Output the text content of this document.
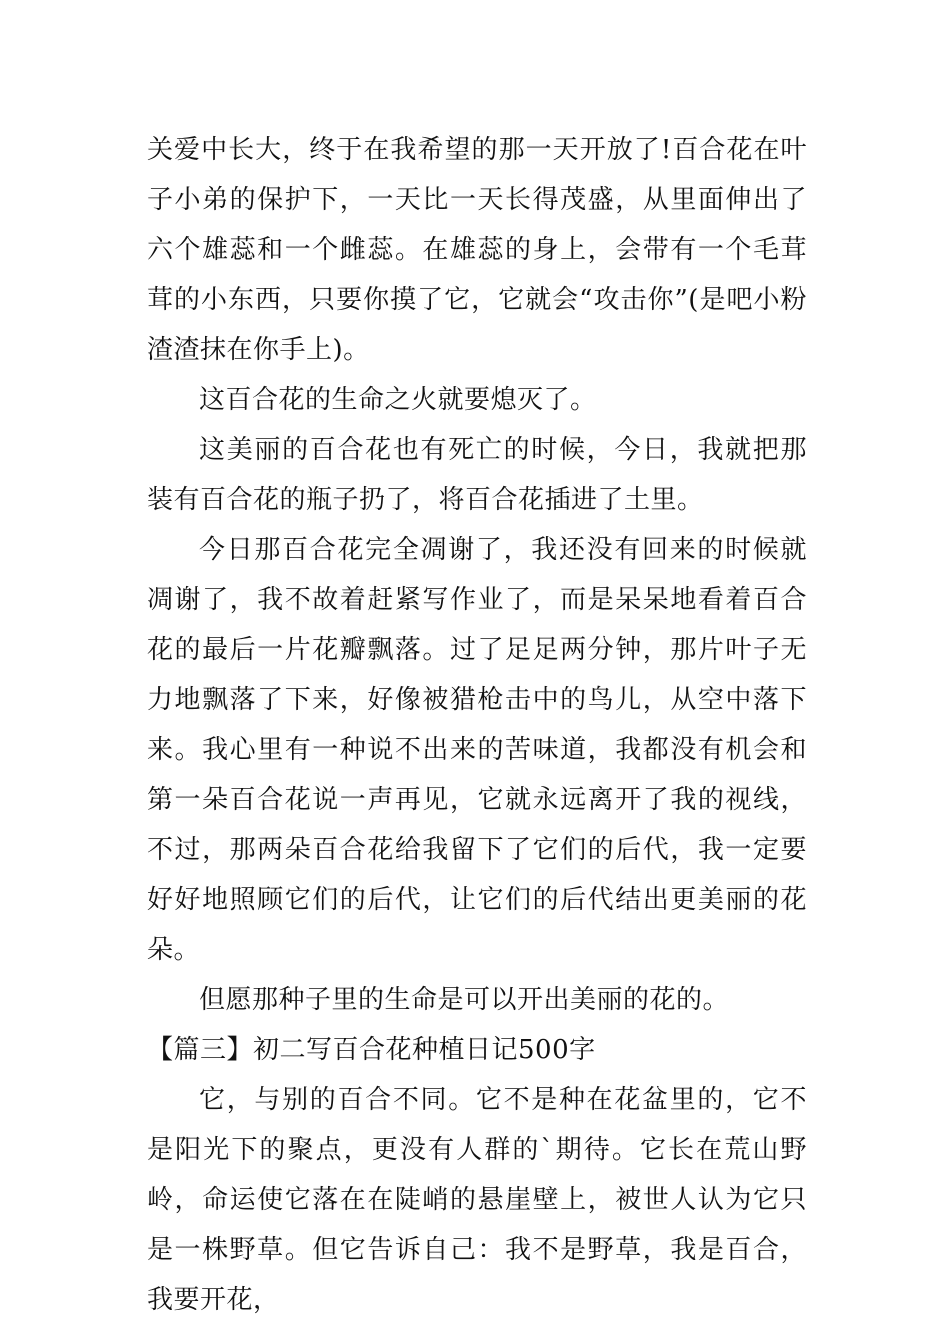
关爱中长大，终于在我希望的那一天开放了!百合花在叶子小弟的保护下，一天比一天长得茂盛，从里面伸出了六个雄蕊和一个雌蕊。在雄蕊的身上，会带有一个毛茸茸的小东西，只要你摸了它，它就会“攻击你”(是吧小粉渣渣抹在你手上)。

这百合花的生命之火就要熄灭了。

这美丽的百合花也有死亡的时候，今日，我就把那装有百合花的瓶子扔了，将百合花插进了土里。

今日那百合花完全凋谢了，我还没有回来的时候就凋谢了，我不故着赶紧写作业了，而是呆呆地看着百合花的最后一片花瓣飘落。过了足足两分钟，那片叶子无力地飘落了下来，好像被猎枪击中的鸟儿，从空中落下来。我心里有一种说不出来的苦味道，我都没有机会和第一朵百合花说一声再见，它就永远离开了我的视线，不过，那两朵百合花给我留下了它们的后代，我一定要好好地照顾它们的后代，让它们的后代结出更美丽的花朵。

但愿那种子里的生命是可以开出美丽的花的。

【篇三】初二写百合花种植日记500字

它，与别的百合不同。它不是种在花盆里的，它不是阳光下的聚点，更没有人群的`期待。它长在荒山野岭，命运使它落在在陡峭的悬崖壁上，被世人认为它只是一株野草。但它告诉自己：我不是野草，我是百合，我要开花，
